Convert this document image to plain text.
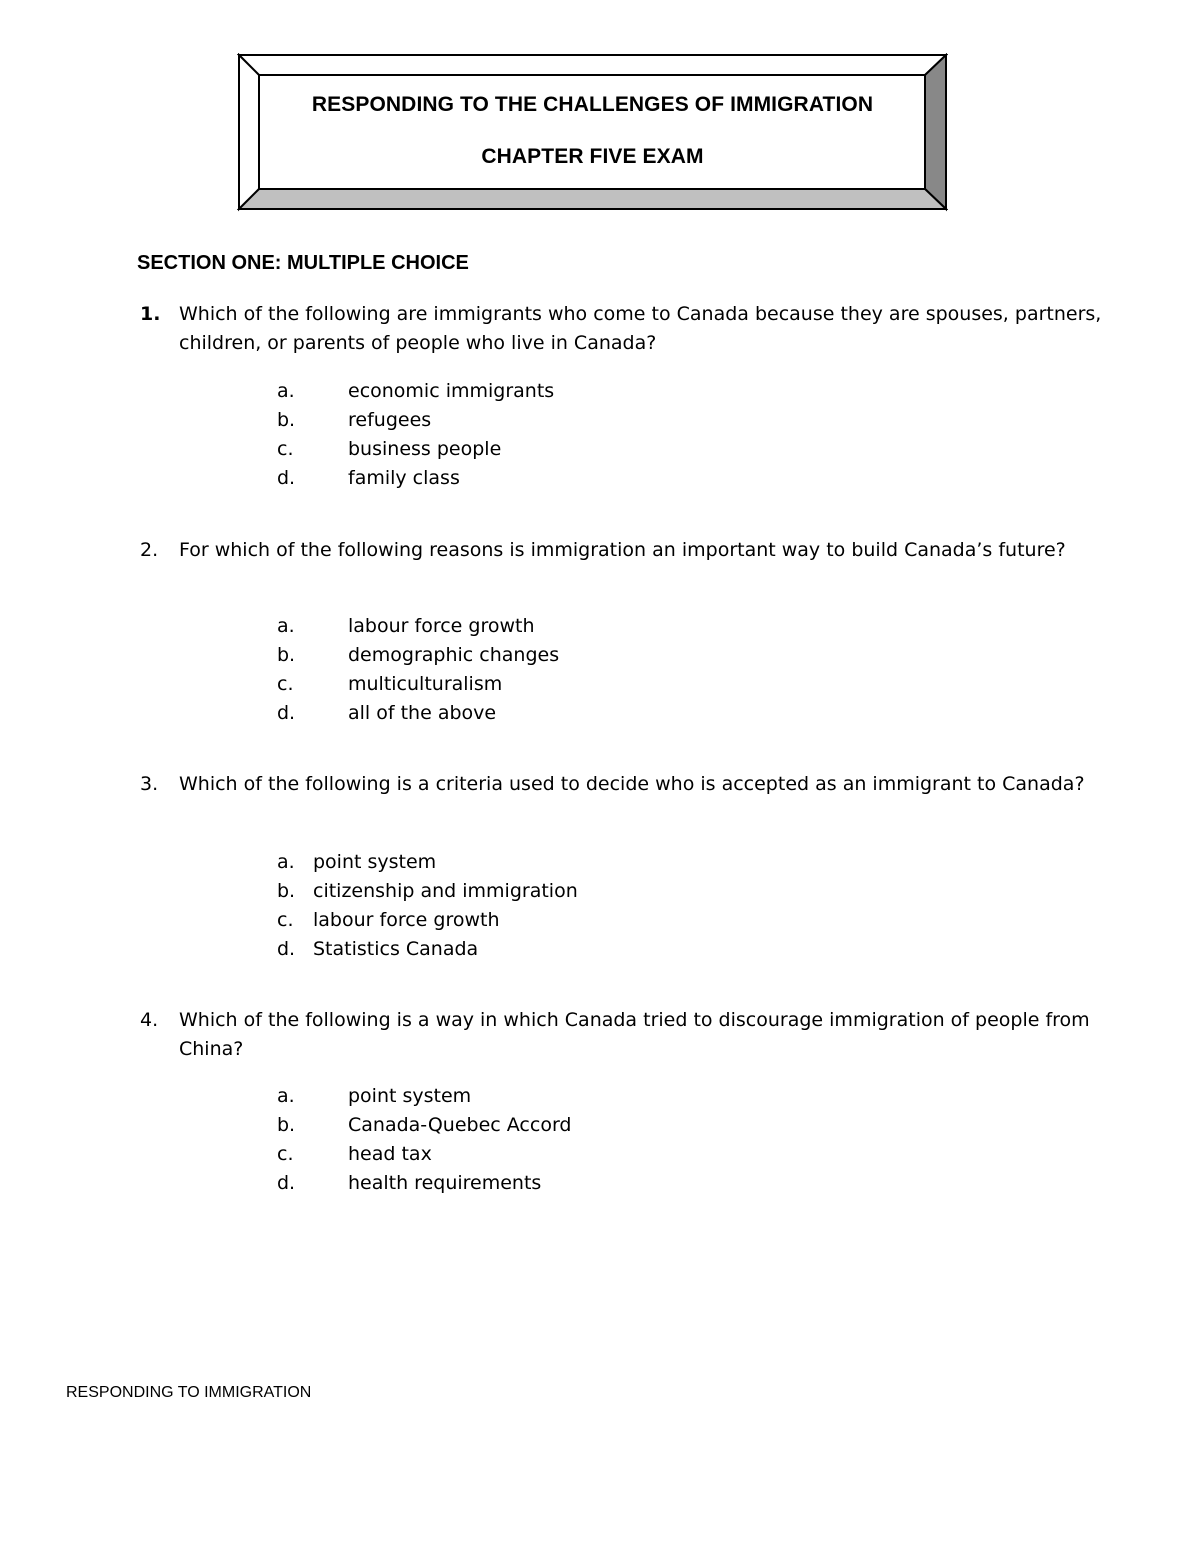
RESPONDING TO THE CHALLENGES OF IMMIGRATION
CHAPTER FIVE EXAM
SECTION ONE: MULTIPLE CHOICE
1. Which of the following are immigrants who come to Canada because they are spouses, partners, children, or parents of people who live in Canada?
a.	economic immigrants
b.	refugees
c.	business people
d.	family class
2. For which of the following reasons is immigration an important way to build Canada’s future?
a.	labour force growth
b.	demographic changes
c.	multiculturalism
d.	all of the above
3. Which of the following is a criteria used to decide who is accepted as an immigrant to Canada?
a. point system
b. citizenship and immigration
c. labour force growth
d. Statistics Canada
4. Which of the following is a way in which Canada tried to discourage immigration of people from China?
a.	point system
b.	Canada-Quebec Accord
c.	head tax
d.	health requirements
RESPONDING TO IMMIGRATION
